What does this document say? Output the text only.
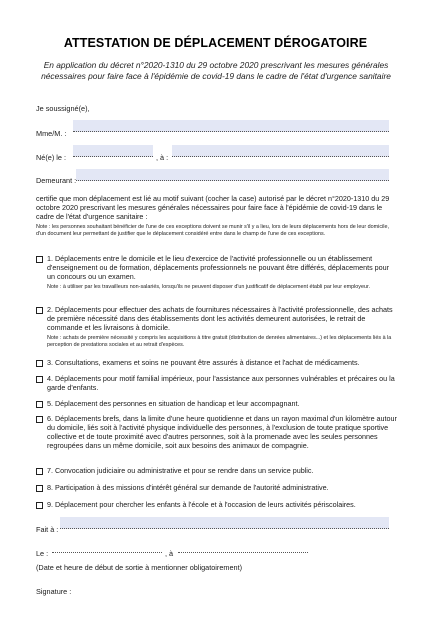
ATTESTATION DE DÉPLACEMENT DÉROGATOIRE
En application du décret n°2020-1310 du 29 octobre 2020 prescrivant les mesures générales nécessaires pour faire face à l'épidémie de covid-19 dans le cadre de l'état d'urgence sanitaire
Je soussigné(e),
Mme/M. :
Né(e) le :	, à :
Demeurant :
certifie que mon déplacement est lié au motif suivant (cocher la case) autorisé par le décret n°2020-1310 du 29 octobre 2020 prescrivant les mesures générales nécessaires pour faire face à l'épidémie de covid-19 dans le cadre de l'état d'urgence sanitaire :
Note : les personnes souhaitant bénéficier de l'une de ces exceptions doivent se munir s'il y a lieu, lors de leurs déplacements hors de leur domicile, d'un document leur permettant de justifier que le déplacement considéré entre dans le champ de l'une de ces exceptions.
1. Déplacements entre le domicile et le lieu d'exercice de l'activité professionnelle ou un établissement d'enseignement ou de formation, déplacements professionnels ne pouvant être différés, déplacements pour un concours ou un examen.
Note : à utiliser par les travailleurs non-salariés, lorsqu'ils ne peuvent disposer d'un justificatif de déplacement établi par leur employeur.
2. Déplacements pour effectuer des achats de fournitures nécessaires à l'activité professionnelle, des achats de première nécessité dans des établissements dont les activités demeurent autorisées, le retrait de commande et les livraisons à domicile.
Note : achats de première nécessité y compris les acquisitions à titre gratuit (distribution de denrées alimentaires...) et les déplacements liés à la perception de prestations sociales et au retrait d'espèces.
3. Consultations, examens et soins ne pouvant être assurés à distance et l'achat de médicaments.
4. Déplacements pour motif familial impérieux, pour l'assistance aux personnes vulnérables et précaires ou la garde d'enfants.
5. Déplacement des personnes en situation de handicap et leur accompagnant.
6. Déplacements brefs, dans la limite d'une heure quotidienne et dans un rayon maximal d'un kilomètre autour du domicile, liés soit à l'activité physique individuelle des personnes, à l'exclusion de toute pratique sportive collective et de toute proximité avec d'autres personnes, soit à la promenade avec les seules personnes regroupées dans un même domicile, soit aux besoins des animaux de compagnie.
7. Convocation judiciaire ou administrative et pour se rendre dans un service public.
8. Participation à des missions d'intérêt général sur demande de l'autorité administrative.
9. Déplacement pour chercher les enfants à l'école et à l'occasion de leurs activités périscolaires.
Fait à :
Le :	, à
(Date et heure de début de sortie à mentionner obligatoirement)
Signature :
